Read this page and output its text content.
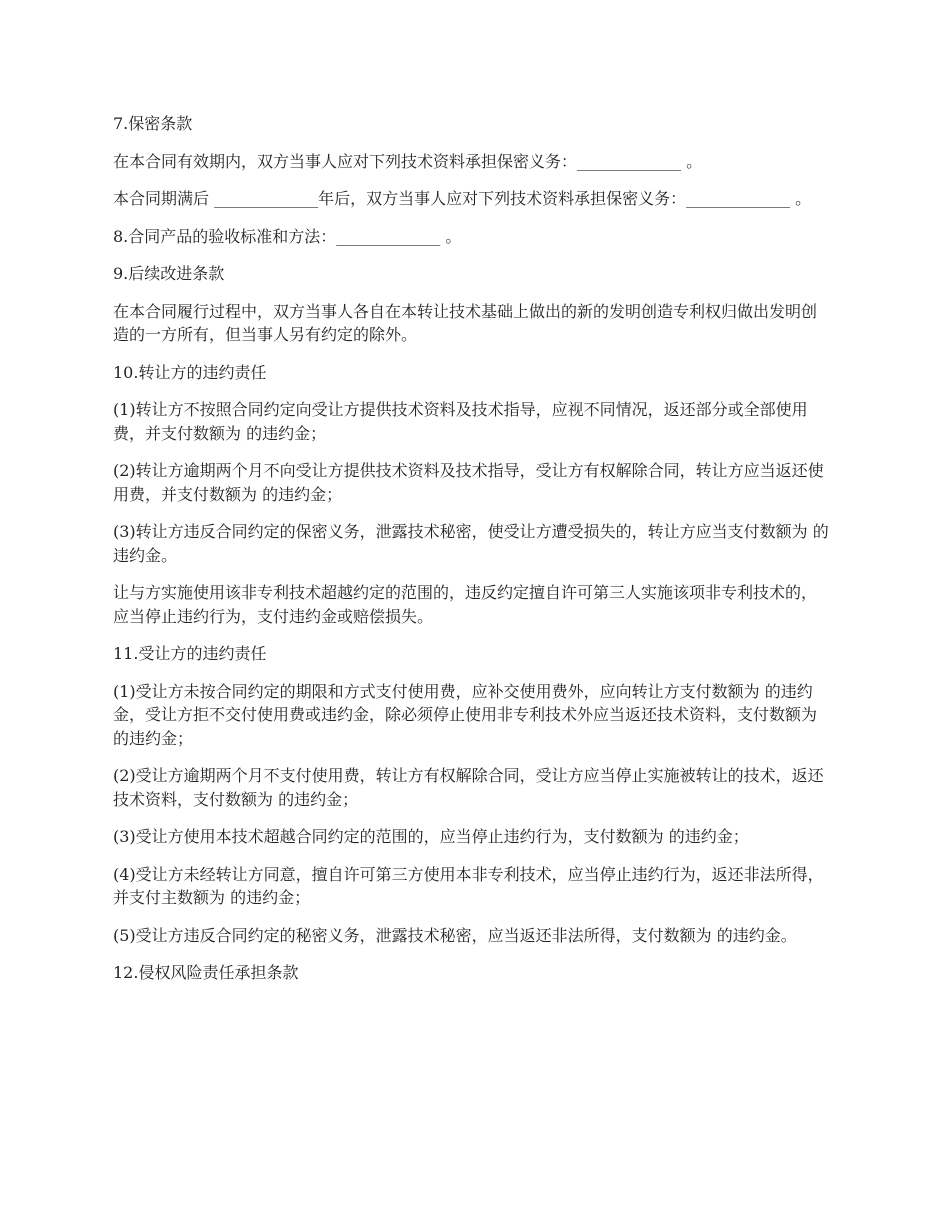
7.保密条款

在本合同有效期内，双方当事人应对下列技术资料承担保密义务：_____________ 。

本合同期满后 _____________年后，双方当事人应对下列技术资料承担保密义务：_____________ 。

8.合同产品的验收标准和方法：_____________ 。

9.后续改进条款

在本合同履行过程中，双方当事人各自在本转让技术基础上做出的新的发明创造专利权归做出发明创造的一方所有，但当事人另有约定的除外。

10.转让方的违约责任

(1)转让方不按照合同约定向受让方提供技术资料及技术指导，应视不同情况，返还部分或全部使用费，并支付数额为 的违约金；

(2)转让方逾期两个月不向受让方提供技术资料及技术指导，受让方有权解除合同，转让方应当返还使用费，并支付数额为 的违约金；

(3)转让方违反合同约定的保密义务，泄露技术秘密，使受让方遭受损失的，转让方应当支付数额为 的违约金。

让与方实施使用该非专利技术超越约定的范围的，违反约定擅自许可第三人实施该项非专利技术的，应当停止违约行为，支付违约金或赔偿损失。

11.受让方的违约责任

(1)受让方未按合同约定的期限和方式支付使用费，应补交使用费外，应向转让方支付数额为 的违约金，受让方拒不交付使用费或违约金，除必须停止使用非专利技术外应当返还技术资料，支付数额为 的违约金；

(2)受让方逾期两个月不支付使用费，转让方有权解除合同，受让方应当停止实施被转让的技术，返还技术资料，支付数额为 的违约金；

(3)受让方使用本技术超越合同约定的范围的，应当停止违约行为，支付数额为 的违约金；

(4)受让方未经转让方同意，擅自许可第三方使用本非专利技术，应当停止违约行为，返还非法所得，并支付主数额为 的违约金；

(5)受让方违反合同约定的秘密义务，泄露技术秘密，应当返还非法所得，支付数额为 的违约金。

12.侵权风险责任承担条款
